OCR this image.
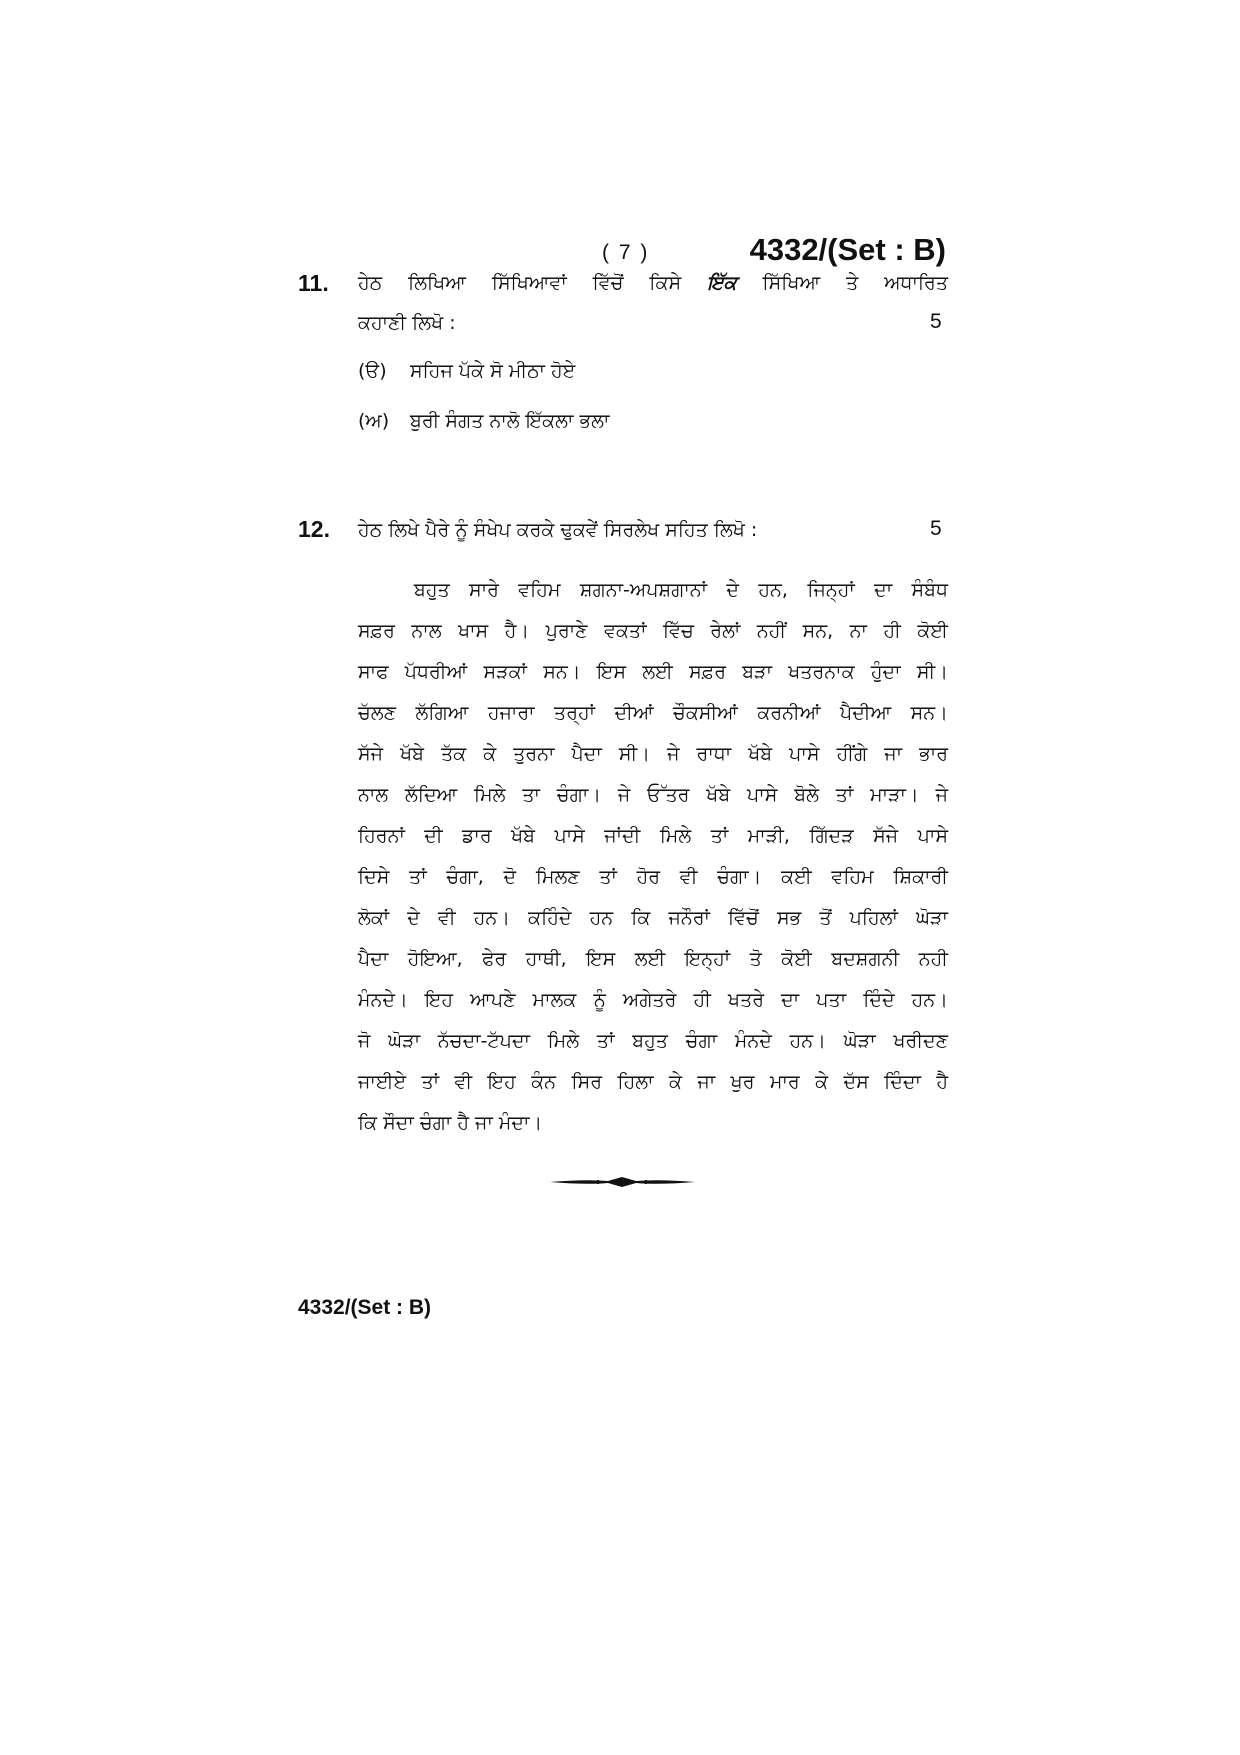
( 7 )	4332/(Set : B)
11. ਹੇਠ ਲਿਖਿਆ ਸਿੱਖਿਆਵਾਂ ਵਿੱਚੋਂ ਕਿਸੇ ਇੱਕ ਸਿੱਖਿਆ ਤੇ ਅਧਾਰਿਤ
ਕਹਾਣੀ ਲਿਖੋ :	5
(ੳ) ਸਹਿਜ ਪੱਕੇ ਸੋ ਮੀਠਾ ਹੋਏ
(ਅ) ਬੁਰੀ ਸੰਗਤ ਨਾਲੋ ਇੱਕਲਾ ਭਲਾ
12. ਹੇਠ ਲਿਖੇ ਪੈਰੇ ਨੂੰ ਸੰਖੇਪ ਕਰਕੇ ਢੁਕਵੇਂ ਸਿਰਲੇਖ ਸਹਿਤ ਲਿਖੋ :	5
ਬਹੁਤ ਸਾਰੇ ਵਹਿਮ ਸ਼ਗਨਾ-ਅਪਸ਼ਗਾਨਾਂ ਦੇ ਹਨ, ਜਿਨ੍ਹਾਂ ਦਾ ਸੰਬੰਧ
ਸਫ਼ਰ ਨਾਲ ਖਾਸ ਹੈ। ਪੁਰਾਣੇ ਵਕਤਾਂ ਵਿੱਚ ਰੇਲਾਂ ਨਹੀਂ ਸਨ, ਨਾ ਹੀ ਕੋਈ
ਸਾਫ ਪੱਧਰੀਆਂ ਸੜਕਾਂ ਸਨ। ਇਸ ਲਈ ਸਫ਼ਰ ਬੜਾ ਖਤਰਨਾਕ ਹੁੰਦਾ ਸੀ।
ਚੱਲਣ ਲੱਗਿਆ ਹਜਾਰਾ ਤਰ੍ਹਾਂ ਦੀਆਂ ਚੌਕਸੀਆਂ ਕਰਨੀਆਂ ਪੈਦੀਆ ਸਨ।
ਸੱਜੇ ਖੱਬੇ ਤੱਕ ਕੇ ਤੁਰਨਾ ਪੈਦਾ ਸੀ। ਜੇ ਰਾਧਾ ਖੱਬੇ ਪਾਸੇ ਹੀਂਗੇ ਜਾ ਭਾਰ
ਨਾਲ ਲੱਦਿਆ ਮਿਲੇ ਤਾ ਚੰਗਾ। ਜੇ ਓੱਤਰ ਖੱਬੇ ਪਾਸੇ ਬੋਲੇ ਤਾਂ ਮਾੜਾ। ਜੇ
ਹਿਰਨਾਂ ਦੀ ਡਾਰ ਖੱਬੇ ਪਾਸੇ ਜਾਂਦੀ ਮਿਲੇ ਤਾਂ ਮਾੜੀ, ਗਿੱਦੜ ਸੱਜੇ ਪਾਸੇ
ਦਿਸੇ ਤਾਂ ਚੰਗਾ, ਦੋ ਮਿਲਣ ਤਾਂ ਹੋਰ ਵੀ ਚੰਗਾ। ਕਈ ਵਹਿਮ ਸ਼ਿਕਾਰੀ
ਲੋਕਾਂ ਦੇ ਵੀ ਹਨ। ਕਹਿੰਦੇ ਹਨ ਕਿ ਜਨੌਰਾਂ ਵਿੱਚੋਂ ਸਭ ਤੋਂ ਪਹਿਲਾਂ ਘੋੜਾ
ਪੈਦਾ ਹੋਇਆ, ਫੇਰ ਹਾਥੀ, ਇਸ ਲਈ ਇਨ੍ਹਾਂ ਤੋ ਕੋਈ ਬਦਸ਼ਗਨੀ ਨਹੀ
ਮੰਨਦੇ। ਇਹ ਆਪਣੇ ਮਾਲਕ ਨੂੰ ਅਗੇਤਰੇ ਹੀ ਖਤਰੇ ਦਾ ਪਤਾ ਦਿੰਦੇ ਹਨ।
ਜੋ ਘੋੜਾ ਨੱਚਦਾ-ਟੱਪਦਾ ਮਿਲੇ ਤਾਂ ਬਹੁਤ ਚੰਗਾ ਮੰਨਦੇ ਹਨ। ਘੋੜਾ ਖਰੀਦਣ
ਜਾਈਏ ਤਾਂ ਵੀ ਇਹ ਕੰਨ ਸਿਰ ਹਿਲਾ ਕੇ ਜਾ ਖੁਰ ਮਾਰ ਕੇ ਦੱਸ ਦਿੰਦਾ ਹੈ
ਕਿ ਸੌਦਾ ਚੰਗਾ ਹੈ ਜਾ ਮੰਦਾ।
4332/(Set : B)
